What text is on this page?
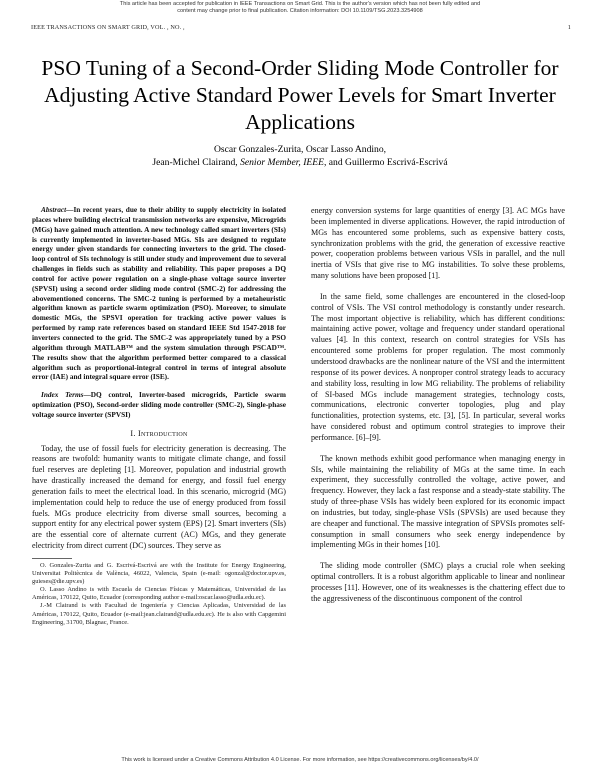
This article has been accepted for publication in IEEE Transactions on Smart Grid. This is the author's version which has not been fully edited and
content may change prior to final publication. Citation information: DOI 10.1109/TSG.2023.3254908
IEEE TRANSACTIONS ON SMART GRID, VOL. , NO. ,	1
PSO Tuning of a Second-Order Sliding Mode Controller for Adjusting Active Standard Power Levels for Smart Inverter Applications
Oscar Gonzales-Zurita, Oscar Lasso Andino,
Jean-Michel Clairand, Senior Member, IEEE, and Guillermo Escrivá-Escrivá

Abstract—In recent years, due to their ability to supply electricity in isolated places where building electrical transmission networks are expensive, Microgrids (MGs) have gained much attention. A new technology called smart inverters (SIs) is currently implemented in inverter-based MGs. SIs are designed to regulate energy under given standards for connecting inverters to the grid. The closed-loop control of SIs technology is still under study and improvement due to several challenges in fields such as stability and reliability. This paper proposes a DQ control for active power regulation on a single-phase voltage source inverter (SPVSI) using a second order sliding mode control (SMC-2) for addressing the abovementioned concerns. The SMC-2 tuning is performed by a metaheuristic algorithm known as particle swarm optimization (PSO). Moreover, to simulate domestic MGs, the SPSVI operation for tracking active power values is performed by ramp rate references based on standard IEEE Std 1547-2018 for inverters connected to the grid. The SMC-2 was appropriately tuned by a PSO algorithm through MATLAB™ and the system simulation through PSCAD™. The results show that the algorithm performed better compared to a classical algorithm such as proportional-integral control in terms of integral absolute error (IAE) and integral square error (ISE).

Index Terms—DQ control, Inverter-based microgrids, Particle swarm optimization (PSO), Second-order sliding mode controller (SMC-2), Single-phase voltage source inverter (SPVSI)

I. Introduction

Today, the use of fossil fuels for electricity generation is decreasing. The reasons are twofold: humanity wants to mitigate climate change, and fossil fuel reserves are depleting [1]. Moreover, population and industrial growth have drastically increased the demand for energy, and fossil fuel energy generation fails to meet the electrical load. In this scenario, microgrid (MG) implementation could help to reduce the use of energy produced from fossil fuels. MGs produce electricity from diverse small sources, becoming a support entity for any electrical power system (EPS) [2]. Smart inverters (SIs) are the essential core of alternate current (AC) MGs, and they generate electricity from direct current (DC) sources. They serve as

O. Gonzales-Zurita and G. Escrivá-Escrivá are with the Institute for Energy Engineering, Universitat Politècnica de València, 46022, Valencia, Spain (e-mail: ogonzal@doctor.upv.es, guieses@die.upv.es)

O. Lasso Andino is with Escuela de Ciencias Físicas y Matemáticas, Universidad de las Américas, 170122, Quito, Ecuador (corresponding author e-mail:oscar.lasso@udla.edu.ec).

J.-M Clairand is with Facultad de Ingeniería y Ciencias Aplicadas, Universidad de las Américas, 170122, Quito, Ecuador (e-mail:jean.clairand@udla.edu.ec). He is also with Capgemini Engineering, 31700, Blagnac, France.

energy conversion systems for large quantities of energy [3]. AC MGs have been implemented in diverse applications. However, the rapid introduction of MGs has encountered some problems, such as expensive battery costs, synchronization problems with the grid, the generation of excessive reactive power, cooperation problems between various VSIs in parallel, and the null inertia of VSIs that give rise to MG instabilities. To solve these problems, many solutions have been proposed [1].

In the same field, some challenges are encountered in the closed-loop control of VSIs. The VSI control methodology is constantly under research. The most important objective is reliability, which has different conditions: maintaining active power, voltage and frequency under standard operational values [4]. In this context, research on control strategies for VSIs has encountered some problems for proper regulation. The most commonly understood drawbacks are the nonlinear nature of the VSI and the intermittent response of its power devices. A nonproper control strategy leads to accuracy and stability loss, resulting in low MG reliability. The problems of reliability of SI-based MGs include management strategies, technology costs, communications, electronic converter topologies, plug and play functionalities, protection systems, etc. [3], [5]. In particular, several works have considered robust and optimum control strategies to improve their performance. [6]–[9].

The known methods exhibit good performance when managing energy in SIs, while maintaining the reliability of MGs at the same time. In each experiment, they successfully controlled the voltage, active power, and frequency. However, they lack a fast response and a steady-state stability. The study of three-phase VSIs has widely been explored for its economic impact on industries, but today, single-phase VSIs (SPVSIs) are used because they are cheaper and functional. The massive integration of SPVSIs promotes self-consumption in small consumers who seek energy independence by implementing MGs in their homes [10].

The sliding mode controller (SMC) plays a crucial role when seeking optimal controllers. It is a robust algorithm applicable to linear and nonlinear processes [11]. However, one of its weaknesses is the chattering effect due to the aggressiveness of the discontinuous component of the control

This work is licensed under a Creative Commons Attribution 4.0 License. For more information, see https://creativecommons.org/licenses/by/4.0/
